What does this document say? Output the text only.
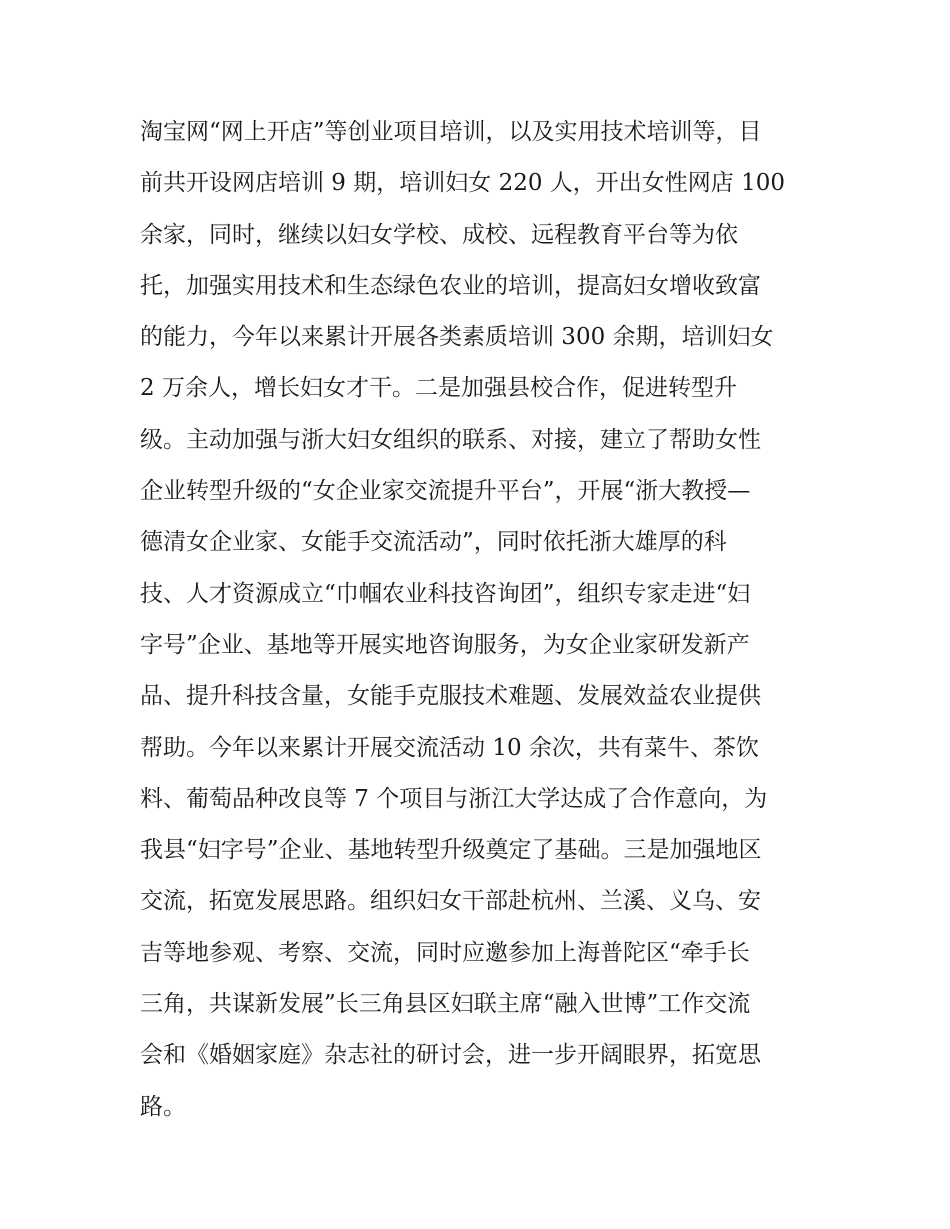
淘宝网“网上开店”等创业项目培训，以及实用技术培训等，目
前共开设网店培训 9 期，培训妇女 220 人，开出女性网店 100
余家，同时，继续以妇女学校、成校、远程教育平台等为依
托，加强实用技术和生态绿色农业的培训，提高妇女增收致富
的能力，今年以来累计开展各类素质培训 300 余期，培训妇女
2 万余人，增长妇女才干。二是加强县校合作，促进转型升
级。主动加强与浙大妇女组织的联系、对接，建立了帮助女性
企业转型升级的“女企业家交流提升平台”，开展“浙大教授—
德清女企业家、女能手交流活动”，同时依托浙大雄厚的科
技、人才资源成立“巾帼农业科技咨询团”，组织专家走进“妇
字号”企业、基地等开展实地咨询服务，为女企业家研发新产
品、提升科技含量，女能手克服技术难题、发展效益农业提供
帮助。今年以来累计开展交流活动 10 余次，共有菜牛、茶饮
料、葡萄品种改良等 7 个项目与浙江大学达成了合作意向，为
我县“妇字号”企业、基地转型升级奠定了基础。三是加强地区
交流，拓宽发展思路。组织妇女干部赴杭州、兰溪、义乌、安
吉等地参观、考察、交流，同时应邀参加上海普陀区“牵手长
三角，共谋新发展”长三角县区妇联主席“融入世博”工作交流
会和《婚姻家庭》杂志社的研讨会，进一步开阔眼界，拓宽思
路。
